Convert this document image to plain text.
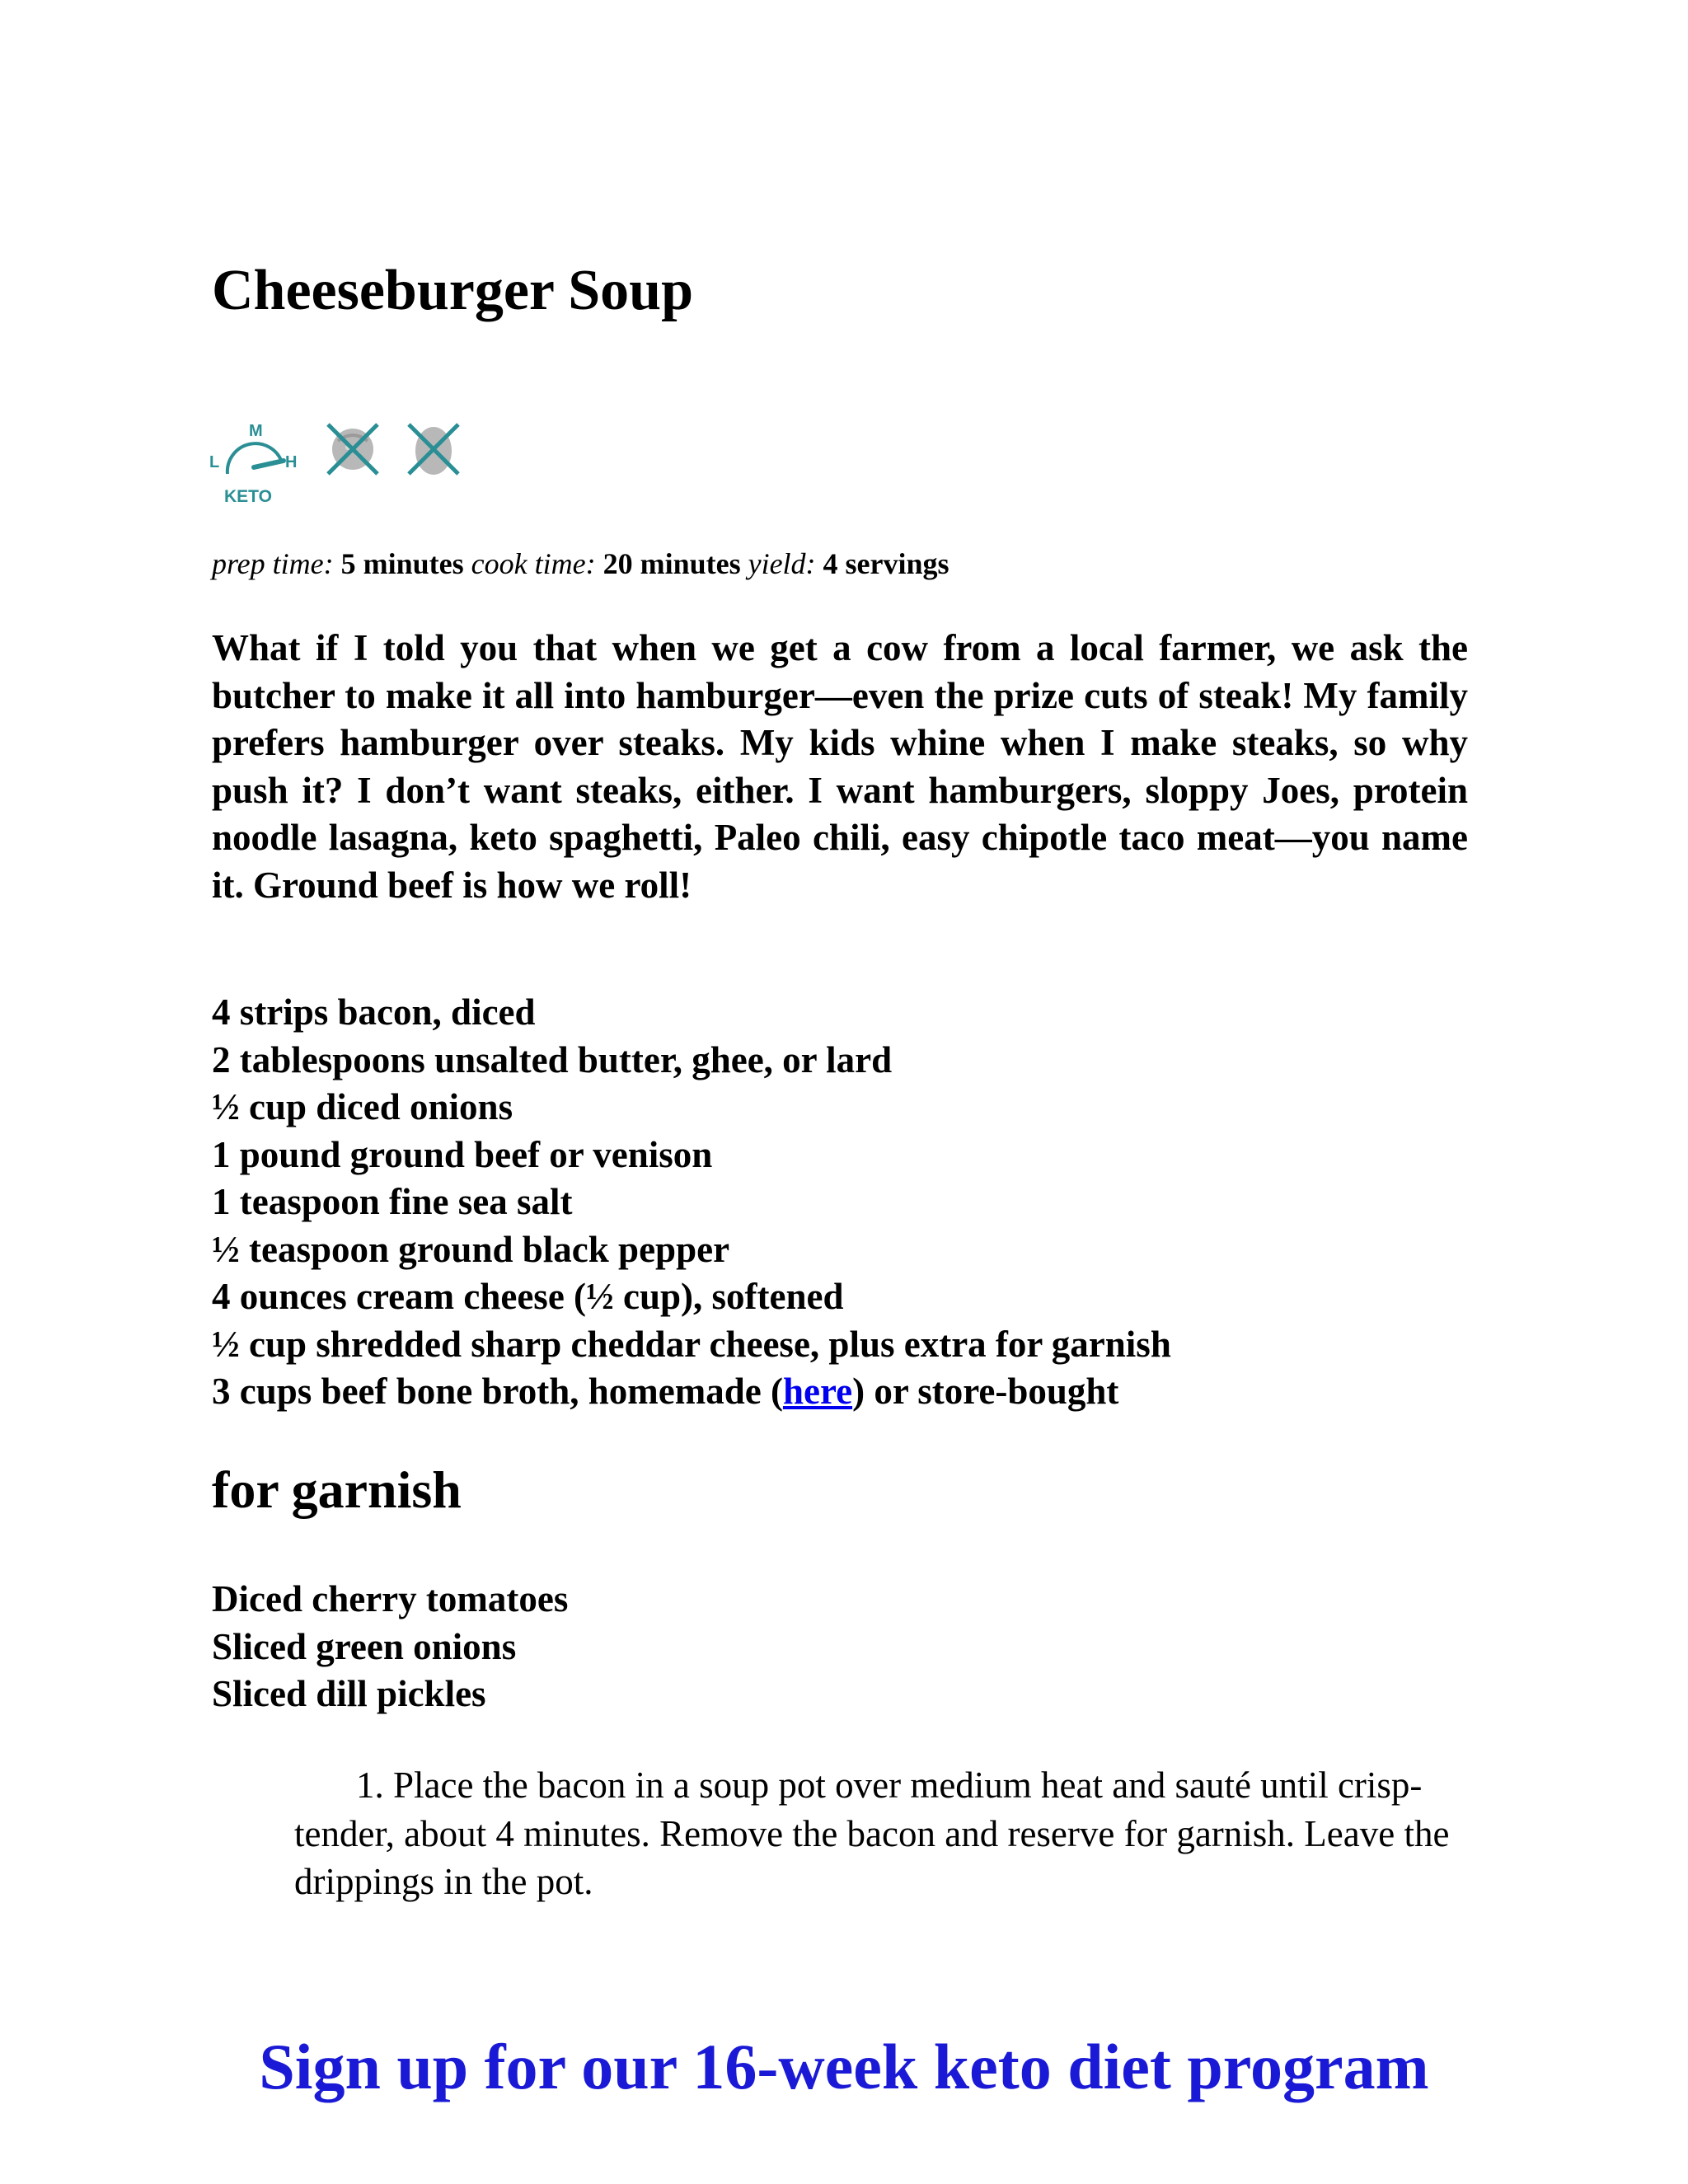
Cheeseburger Soup
M
L	H
KETO
prep time: 5 minutes cook time: 20 minutes yield: 4 servings

What if I told you that when we get a cow from a local farmer, we ask the butcher to make it all into hamburger—even the prize cuts of steak! My family prefers hamburger over steaks. My kids whine when I make steaks, so why push it? I don’t want steaks, either. I want hamburgers, sloppy Joes, protein noodle lasagna, keto spaghetti, Paleo chili, easy chipotle taco meat—you name it. Ground beef is how we roll!

4 strips bacon, diced
2 tablespoons unsalted butter, ghee, or lard
½ cup diced onions
1 pound ground beef or venison
1 teaspoon fine sea salt
½ teaspoon ground black pepper
4 ounces cream cheese (½ cup), softened
½ cup shredded sharp cheddar cheese, plus extra for garnish
3 cups beef bone broth, homemade (here) or store-bought
for garnish
Diced cherry tomatoes
Sliced green onions
Sliced dill pickles
1. Place the bacon in a soup pot over medium heat and sauté until crisp-tender, about 4 minutes. Remove the bacon and reserve for garnish. Leave the drippings in the pot.
Sign up for our 16-week keto diet program
